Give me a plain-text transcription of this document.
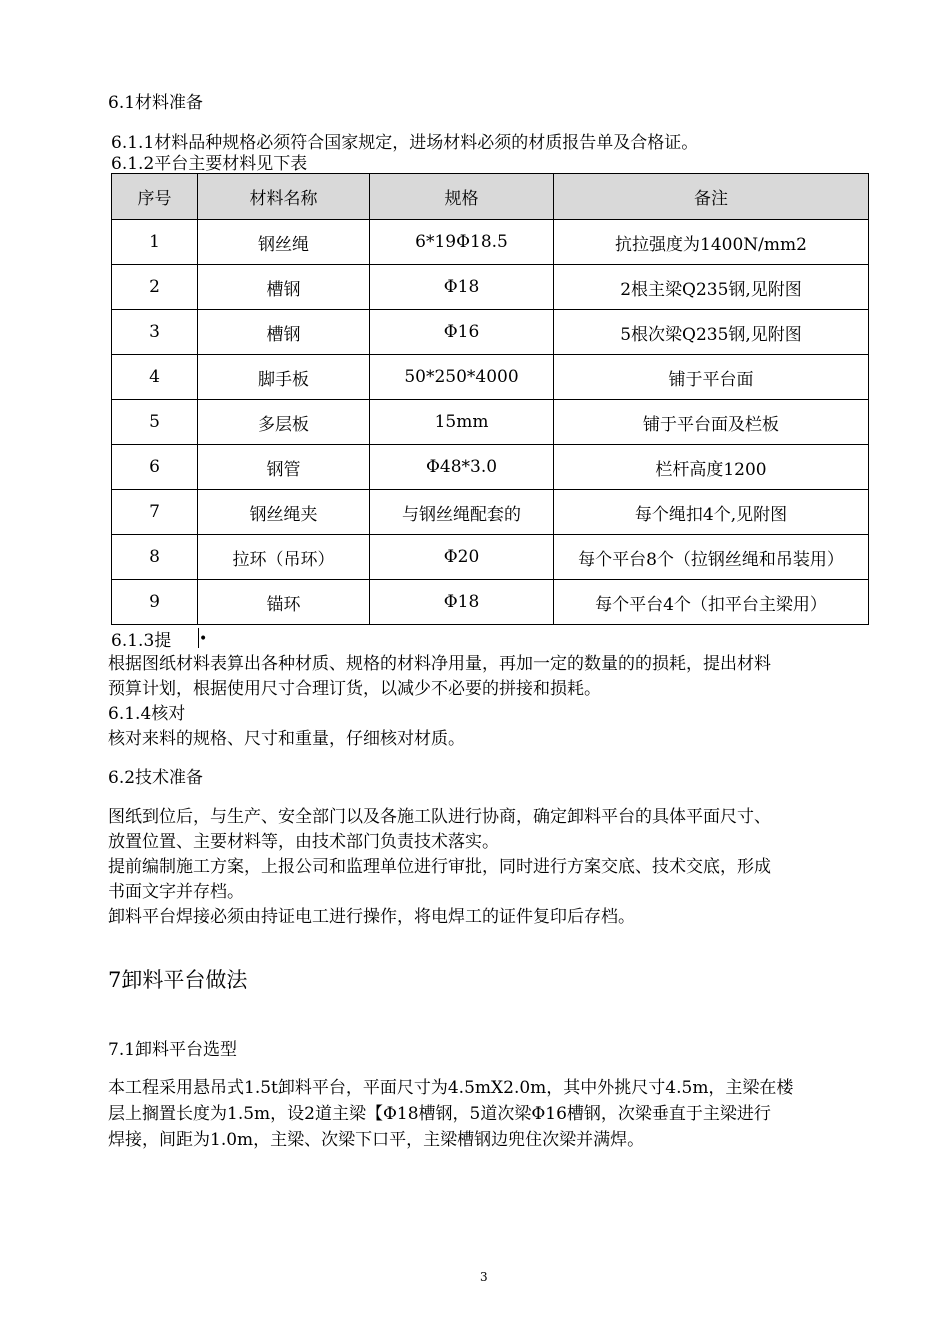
6.1材料准备
6.1.1材料品种规格必须符合国家规定，进场材料必须的材质报告单及合格证。
6.1.2平台主要材料见下表
序号	材料名称	规格	备注
1	钢丝绳	6*19Φ18.5	抗拉强度为1400N/mm2
2	槽钢	Φ18	2根主梁Q235钢,见附图
3	槽钢	Φ16	5根次梁Q235钢,见附图
4	脚手板	50*250*4000	铺于平台面
5	多层板	15mm	铺于平台面及栏板
6	钢管	Φ48*3.0	栏杆高度1200
7	钢丝绳夹	与钢丝绳配套的	每个绳扣4个,见附图
8	拉环（吊环）	Φ20	每个平台8个（拉钢丝绳和吊装用）
9	锚环	Φ18	每个平台4个（扣平台主梁用）
6.1.3提 •
根据图纸材料表算出各种材质、规格的材料净用量，再加一定的数量的的损耗，提出材料
预算计划，根据使用尺寸合理订货，以减少不必要的拼接和损耗。
6.1.4核对
核对来料的规格、尺寸和重量，仔细核对材质。
6.2技术准备
图纸到位后，与生产、安全部门以及各施工队进行协商，确定卸料平台的具体平面尺寸、
放置位置、主要材料等，由技术部门负责技术落实。
提前编制施工方案，上报公司和监理单位进行审批，同时进行方案交底、技术交底，形成
书面文字并存档。
卸料平台焊接必须由持证电工进行操作，将电焊工的证件复印后存档。
7卸料平台做法
7.1卸料平台选型
本工程采用悬吊式1.5t卸料平台，平面尺寸为4.5mX2.0m，其中外挑尺寸4.5m，主梁在楼
层上搁置长度为1.5m，设2道主梁【Φ18槽钢，5道次梁Φ16槽钢，次梁垂直于主梁进行
焊接，间距为1.0m，主梁、次梁下口平，主梁槽钢边兜住次梁并满焊。
3
